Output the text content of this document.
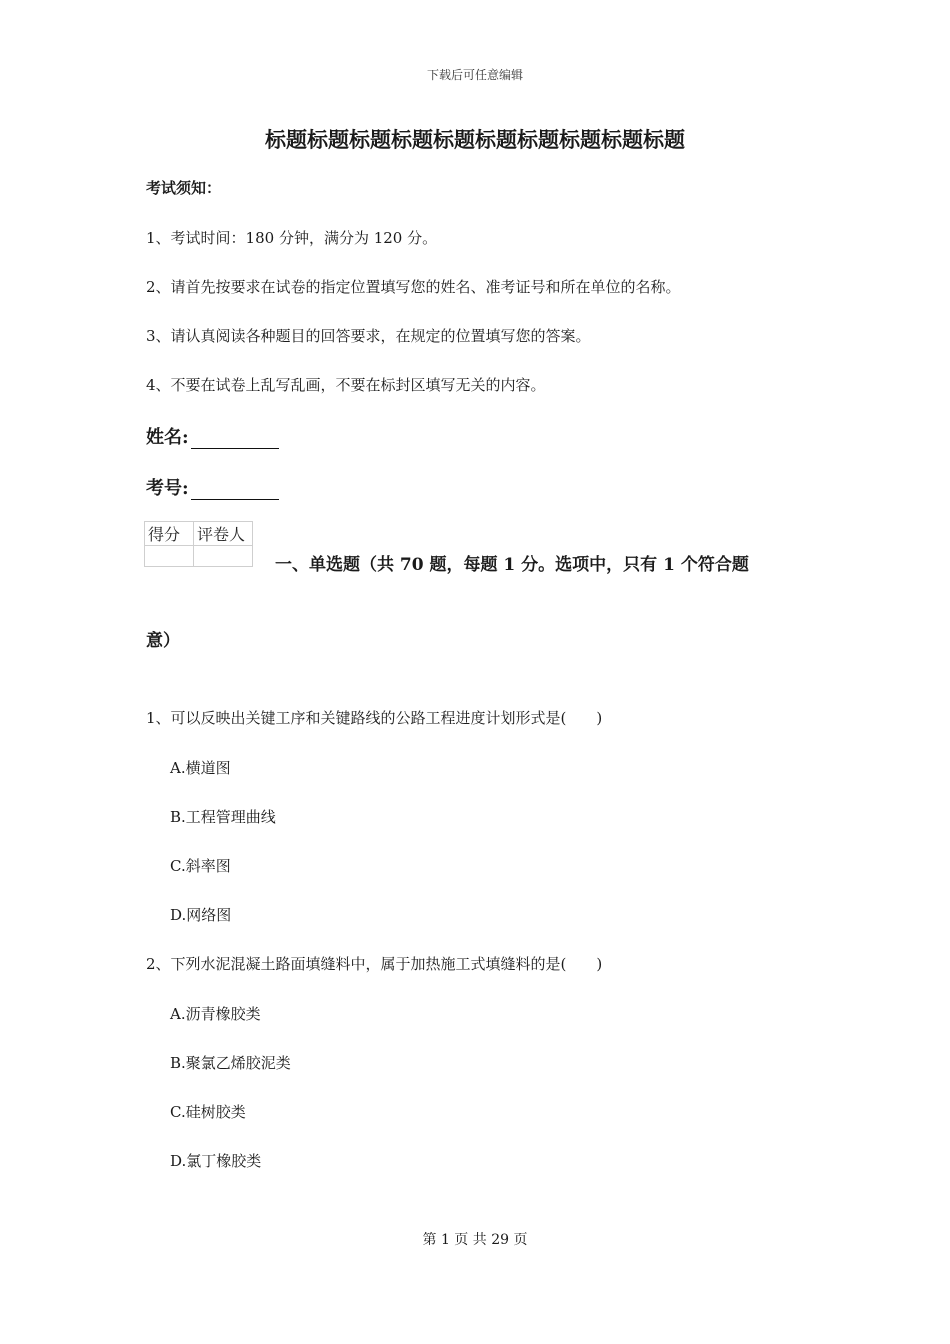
下载后可任意编辑
标题标题标题标题标题标题标题标题标题标题
考试须知：
1、考试时间：180 分钟，满分为 120 分。
2、请首先按要求在试卷的指定位置填写您的姓名、准考证号和所在单位的名称。
3、请认真阅读各种题目的回答要求，在规定的位置填写您的答案。
4、不要在试卷上乱写乱画，不要在标封区填写无关的内容。
姓名:
考号:
得分	评卷人

一、单选题（共 70 题，每题 1 分。选项中，只有 1 个符合题
意）
1、可以反映出关键工序和关键路线的公路工程进度计划形式是(　　)
A.横道图
B.工程管理曲线
C.斜率图
D.网络图
2、下列水泥混凝土路面填缝料中，属于加热施工式填缝料的是(　　)
A.沥青橡胶类
B.聚氯乙烯胶泥类
C.硅树胶类
D.氯丁橡胶类
第 1 页 共 29 页
